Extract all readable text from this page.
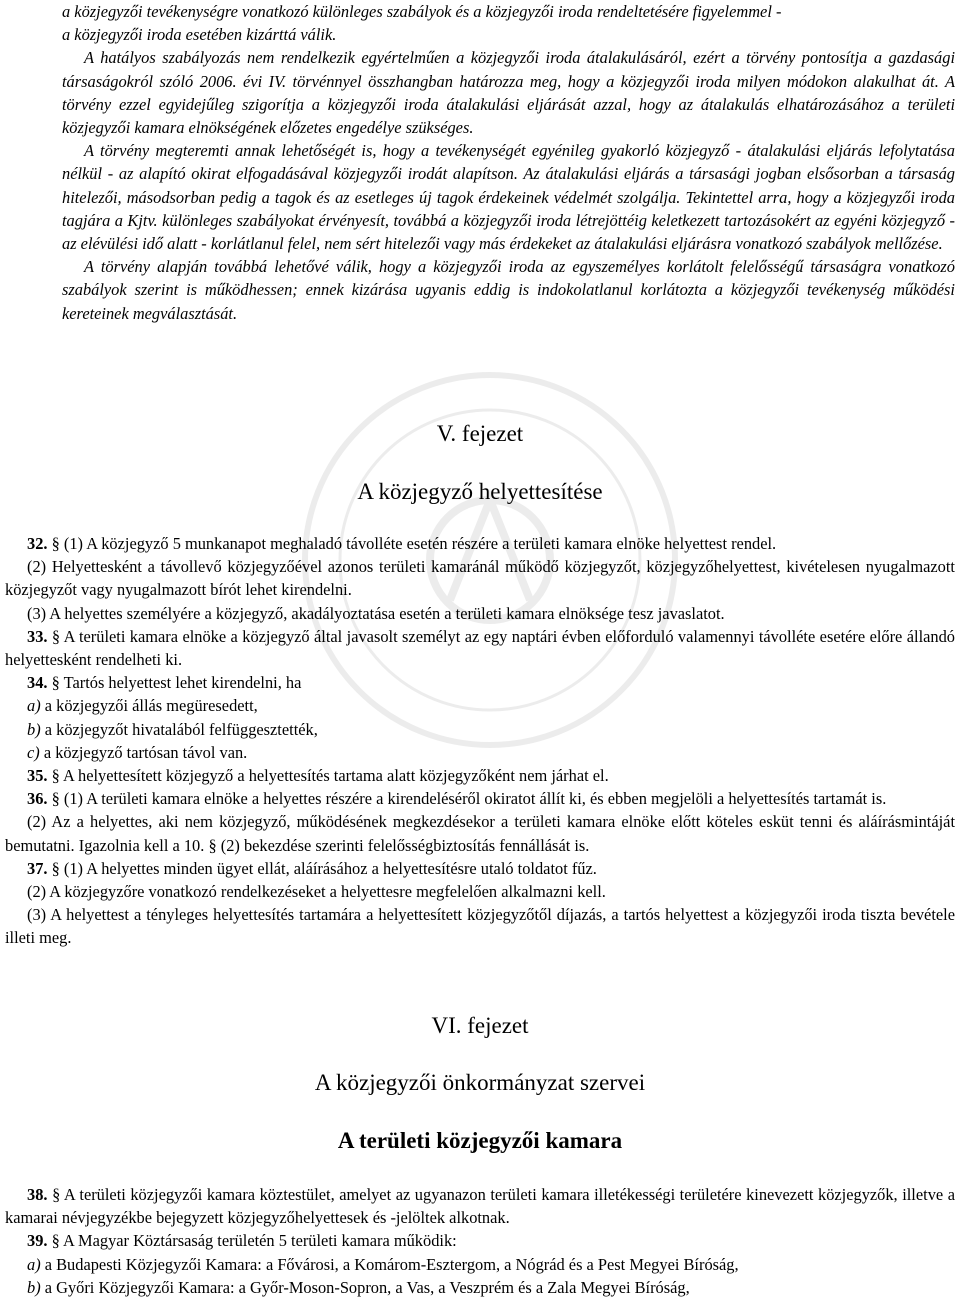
a közjegyzői tevékenységre vonatkozó különleges szabályok és a közjegyzői iroda rendeltetésére figyelemmel -

a közjegyzői iroda esetében kizárttá válik.

A hatályos szabályozás nem rendelkezik egyértelműen a közjegyzői iroda átalakulásáról, ezért a törvény pontosítja a gazdasági társaságokról szóló 2006. évi IV. törvénnyel összhangban határozza meg, hogy a közjegyzői iroda milyen módokon alakulhat át. A törvény ezzel egyidejűleg szigorítja a közjegyzői iroda átalakulási eljárását azzal, hogy az átalakulás elhatározásához a területi közjegyzői kamara elnökségének előzetes engedélye szükséges.

A törvény megteremti annak lehetőségét is, hogy a tevékenységét egyénileg gyakorló közjegyző - átalakulási eljárás lefolytatása nélkül - az alapító okirat elfogadásával közjegyzői irodát alapítson. Az átalakulási eljárás a társasági jogban elsősorban a társaság hitelezői, másodsorban pedig a tagok és az esetleges új tagok érdekeinek védelmét szolgálja. Tekintettel arra, hogy a közjegyzői iroda tagjára a Kjtv. különleges szabályokat érvényesít, továbbá a közjegyzői iroda létrejöttéig keletkezett tartozásokért az egyéni közjegyző - az elévülési idő alatt - korlátlanul felel, nem sért hitelezői vagy más érdekeket az átalakulási eljárásra vonatkozó szabályok mellőzése.

A törvény alapján továbbá lehetővé válik, hogy a közjegyzői iroda az egyszemélyes korlátolt felelősségű társaságra vonatkozó szabályok szerint is működhessen; ennek kizárása ugyanis eddig is indokolatlanul korlátozta a közjegyzői tevékenység működési kereteinek megválasztását.

V. fejezet
A közjegyző helyettesítése

32. § (1) A közjegyző 5 munkanapot meghaladó távolléte esetén részére a területi kamara elnöke helyettest rendel.

(2) Helyettesként a távollevő közjegyzőével azonos területi kamaránál működő közjegyzőt, közjegyzőhelyettest, kivételesen nyugalmazott közjegyzőt vagy nyugalmazott bírót lehet kirendelni.

(3) A helyettes személyére a közjegyző, akadályoztatása esetén a területi kamara elnöksége tesz javaslatot.

33. § A területi kamara elnöke a közjegyző által javasolt személyt az egy naptári évben előforduló valamennyi távolléte esetére előre állandó helyettesként rendelheti ki.

34. § Tartós helyettest lehet kirendelni, ha

a) a közjegyzői állás megüresedett,

b) a közjegyzőt hivatalából felfüggesztették,

c) a közjegyző tartósan távol van.

35. § A helyettesített közjegyző a helyettesítés tartama alatt közjegyzőként nem járhat el.

36. § (1) A területi kamara elnöke a helyettes részére a kirendeléséről okiratot állít ki, és ebben megjelöli a helyettesítés tartamát is.

(2) Az a helyettes, aki nem közjegyző, működésének megkezdésekor a területi kamara elnöke előtt köteles esküt tenni és aláírásmintáját bemutatni. Igazolnia kell a 10. § (2) bekezdése szerinti felelősségbiztosítás fennállását is.

37. § (1) A helyettes minden ügyet ellát, aláírásához a helyettesítésre utaló toldatot fűz.

(2) A közjegyzőre vonatkozó rendelkezéseket a helyettesre megfelelően alkalmazni kell.

(3) A helyettest a tényleges helyettesítés tartamára a helyettesített közjegyzőtől díjazás, a tartós helyettest a közjegyzői iroda tiszta bevétele illeti meg.

VI. fejezet
A közjegyzői önkormányzat szervei
A területi közjegyzői kamara

38. § A területi közjegyzői kamara köztestület, amelyet az ugyanazon területi kamara illetékességi területére kinevezett közjegyzők, illetve a kamarai névjegyzékbe bejegyzett közjegyzőhelyettesek és -jelöltek alkotnak.

39. § A Magyar Köztársaság területén 5 területi kamara működik:

a) a Budapesti Közjegyzői Kamara: a Fővárosi, a Komárom-Esztergom, a Nógrád és a Pest Megyei Bíróság,

b) a Győri Közjegyzői Kamara: a Győr-Moson-Sopron, a Vas, a Veszprém és a Zala Megyei Bíróság,
